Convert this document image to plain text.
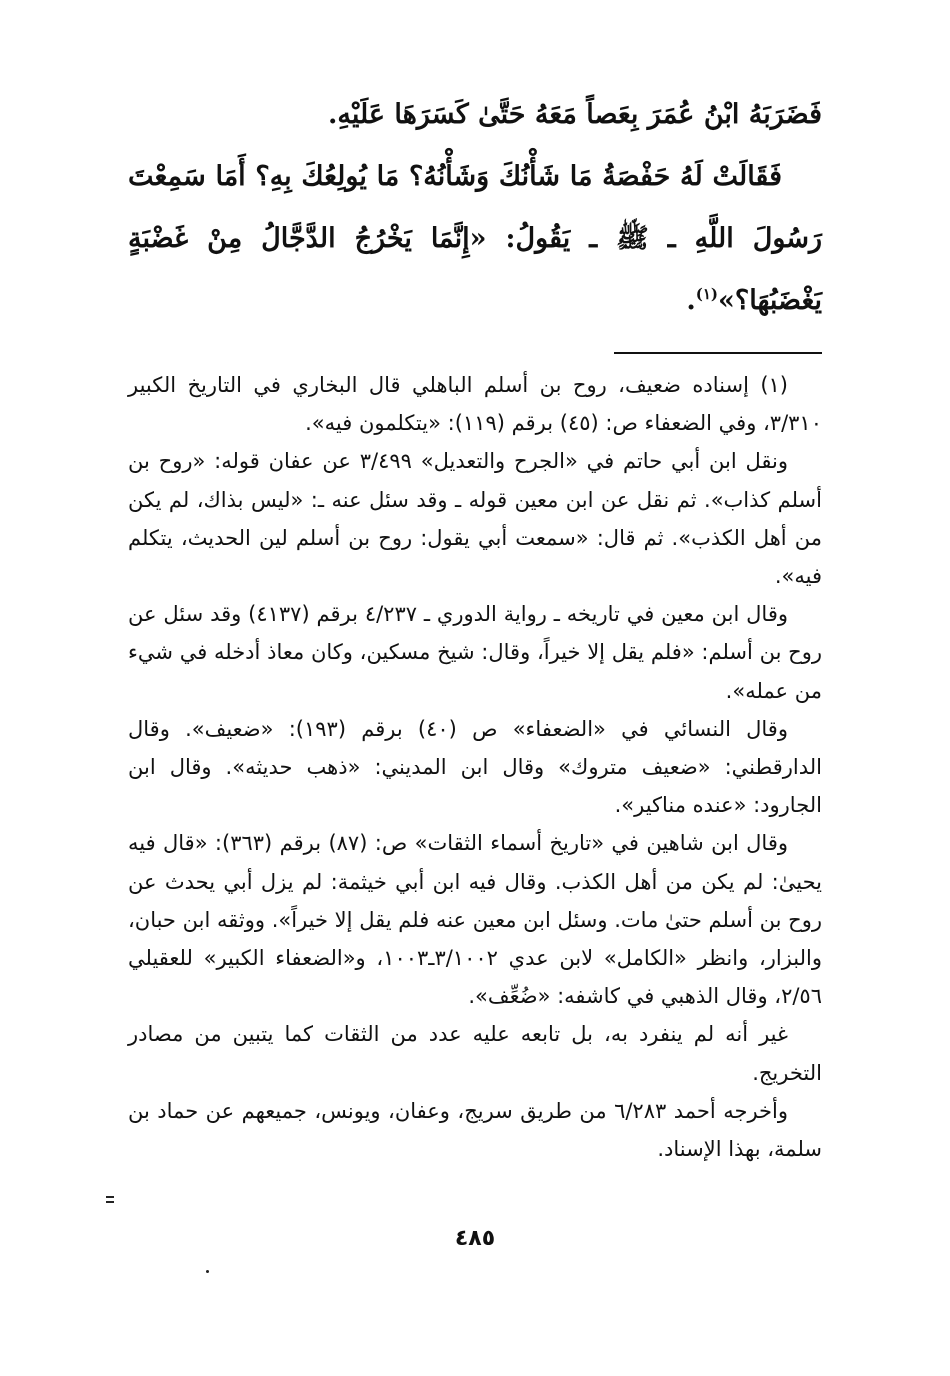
فَضَرَبَهُ ابْنُ عُمَرَ بِعَصاً مَعَهُ حَتَّىٰ كَسَرَهَا عَلَيْهِ.

فَقَالَتْ لَهُ حَفْصَةُ مَا شَأْنُكَ وَشَأْنُهُ؟ مَا يُولِعُكَ بِهِ؟ أَمَا سَمِعْتَ رَسُولَ اللَّهِ ـ ﷺ ـ يَقُولُ: «إِنَّمَا يَخْرُجُ الدَّجَّالُ مِنْ غَضْبَةٍ يَغْضَبُهَا؟»$^{(١)}$.

(١) إسناده ضعيف، روح بن أسلم الباهلي قال البخاري في التاريخ الكبير ٣/٣١٠، وفي الضعفاء ص: (٤٥) برقم (١١٩): «يتكلمون فيه».

ونقل ابن أبي حاتم في «الجرح والتعديل» ٣/٤٩٩ عن عفان قوله: «روح بن أسلم كذاب». ثم نقل عن ابن معين قوله ـ وقد سئل عنه ـ: «ليس بذاك، لم يكن من أهل الكذب». ثم قال: «سمعت أبي يقول: روح بن أسلم لين الحديث، يتكلم فيه».

وقال ابن معين في تاريخه ـ رواية الدوري ـ ٤/٢٣٧ برقم (٤١٣٧) وقد سئل عن روح بن أسلم: «فلم يقل إلا خيراً، وقال: شيخ مسكين، وكان معاذ أدخله في شيء من عمله».

وقال النسائي في «الضعفاء» ص (٤٠) برقم (١٩٣): «ضعيف». وقال الدارقطني: «ضعيف متروك» وقال ابن المديني: «ذهب حديثه». وقال ابن الجارود: «عنده مناكير».

وقال ابن شاهين في «تاريخ أسماء الثقات» ص: (٨٧) برقم (٣٦٣): «قال فيه يحيىٰ: لم يكن من أهل الكذب. وقال فيه ابن أبي خيثمة: لم يزل أبي يحدث عن روح بن أسلم حتىٰ مات. وسئل ابن معين عنه فلم يقل إلا خيراً». ووثقه ابن حبان، والبزار، وانظر «الكامل» لابن عدي ٣/١٠٠٢ـ١٠٠٣، و«الضعفاء الكبير» للعقيلي ٢/٥٦، وقال الذهبي في كاشفه: «ضُعِّف».

غير أنه لم ينفرد به، بل تابعه عليه عدد من الثقات كما يتبين من مصادر التخريج.

وأخرجه أحمد ٦/٢٨٣ من طريق سريج، وعفان، ويونس، جميعهم عن حماد بن سلمة، بهذا الإسناد.

٤٨٥
